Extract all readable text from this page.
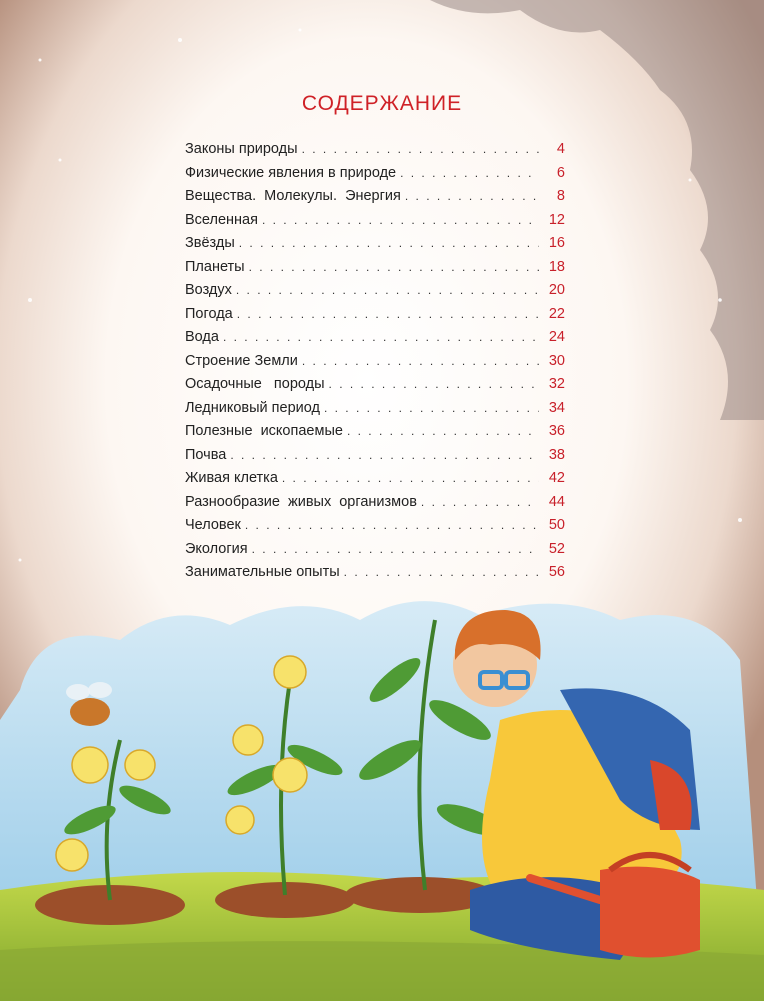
СОДЕРЖАНИЕ
Законы природы . . .	4
Физические явления в природе . . .	6
Вещества.  Молекулы.  Энергия . . .	8
Вселенная . . .	12
Звёзды . . .	16
Планеты . . .	18
Воздух . . .	20
Погода . . .	22
Вода . . .	24
Строение Земли . . .	30
Осадочные   породы . . .	32
Ледниковый период . . .	34
Полезные  ископаемые . . .	36
Почва . . .	38
Живая клетка . . .	42
Разнообразие  живых  организмов . . .	44
Человек . . .	50
Экология . . .	52
Занимательные опыты . . .	56
